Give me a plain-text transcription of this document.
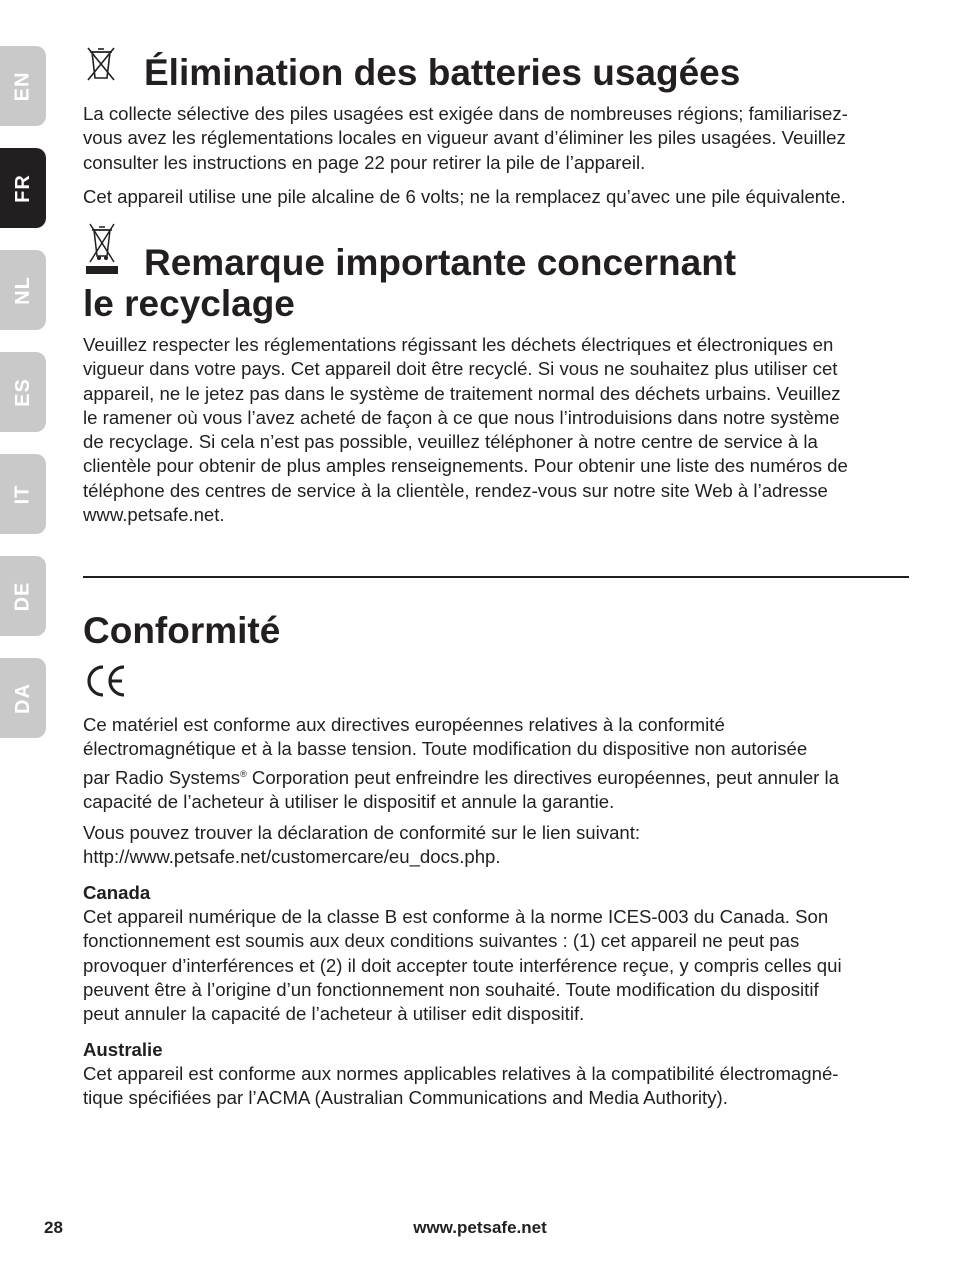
EN
FR
NL
ES
IT
DE
DA
Élimination des batteries usagées

La collecte sélective des piles usagées est exigée dans de nombreuses régions; familiarisez-

vous avez les réglementations locales en vigueur avant d’éliminer les piles usagées. Veuillez

consulter les instructions en page 22 pour retirer la pile de l’appareil.

Cet appareil utilise une pile alcaline de 6 volts; ne la remplacez qu’avec une pile équivalente.

Remarque importante concernant
le recyclage

Veuillez respecter les réglementations régissant les déchets électriques et électroniques en

vigueur dans votre pays. Cet appareil doit être recyclé. Si vous ne souhaitez plus utiliser cet

appareil, ne le jetez pas dans le système de traitement normal des déchets urbains. Veuillez

le ramener où vous l’avez acheté de façon à ce que nous l’introduisions dans notre système

de recyclage. Si cela n’est pas possible, veuillez téléphoner à notre centre de service à la

clientèle pour obtenir de plus amples renseignements. Pour obtenir une liste des numéros de

téléphone des centres de service à la clientèle, rendez-vous sur notre site Web à l’adresse

www.petsafe.net.

Conformité

Ce matériel est conforme aux directives européennes relatives à la conformité

électromagnétique et à la basse tension. Toute modification du dispositive non autorisée

par Radio Systems® Corporation peut enfreindre les directives européennes, peut annuler la

capacité de l’acheteur à utiliser le dispositif et annule la garantie.

Vous pouvez trouver la déclaration de conformité sur le lien suivant:

http://www.petsafe.net/customercare/eu_docs.php.

Canada

Cet appareil numérique de la classe B est conforme à la norme ICES-003 du Canada. Son

fonctionnement est soumis aux deux conditions suivantes : (1) cet appareil ne peut pas

provoquer d’interférences et (2) il doit accepter toute interférence reçue, y compris celles qui

peuvent être à l’origine d’un fonctionnement non souhaité. Toute modification du dispositif

peut annuler la capacité de l’acheteur à utiliser edit dispositif.

Australie

Cet appareil est conforme aux normes applicables relatives à la compatibilité électromagné-

tique spécifiées par l’ACMA (Australian Communications and Media Authority).

www.petsafe.net
28
